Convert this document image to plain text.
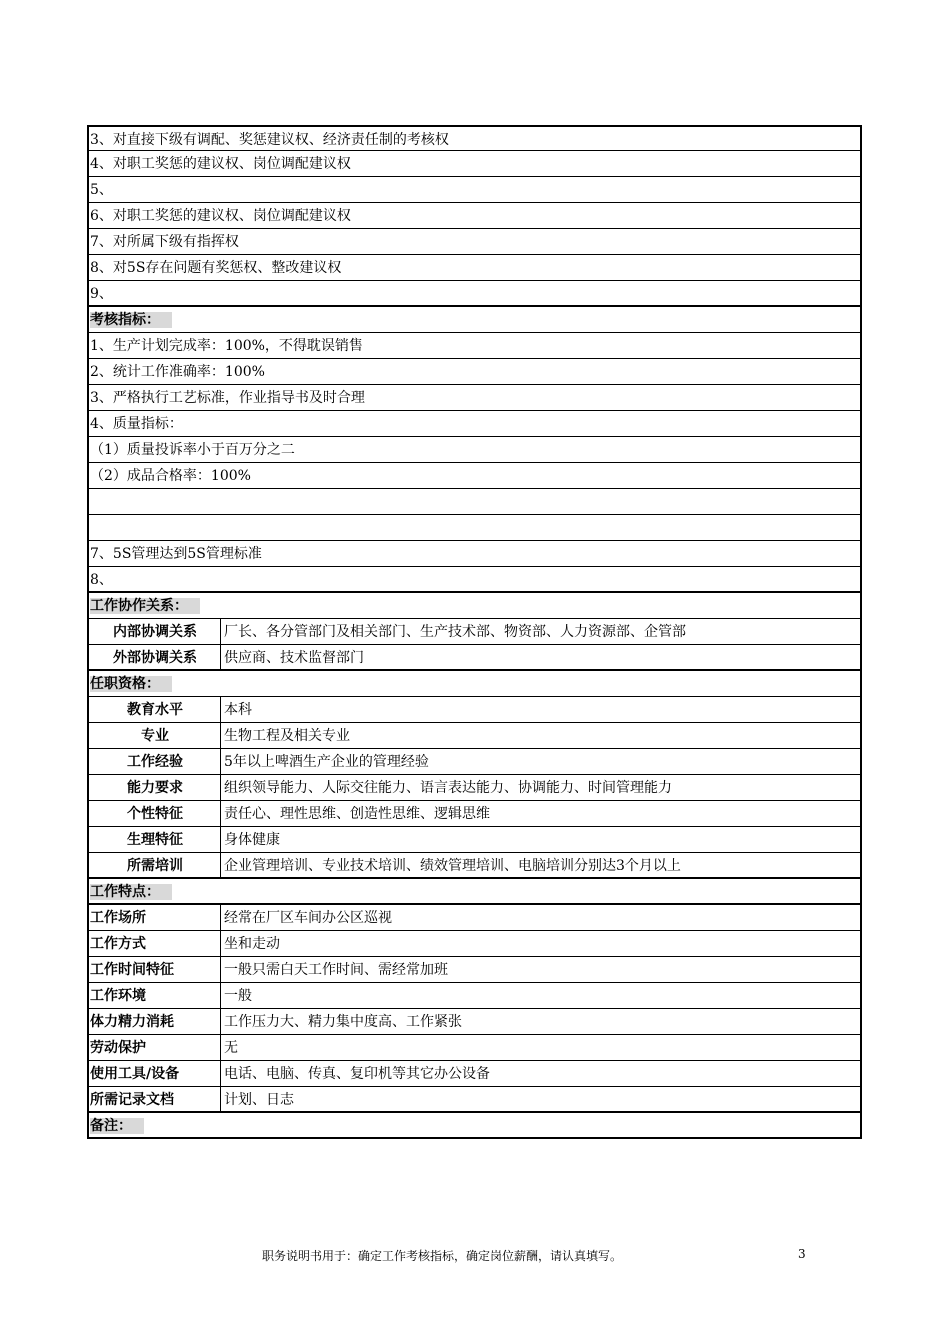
3、对直接下级有调配、奖惩建议权、经济责任制的考核权
4、对职工奖惩的建议权、岗位调配建议权
5、
6、对职工奖惩的建议权、岗位调配建议权
7、对所属下级有指挥权
8、对5S存在问题有奖惩权、整改建议权
9、
考核指标：
1、生产计划完成率：100%，不得耽误销售
2、统计工作准确率：100%
3、严格执行工艺标准，作业指导书及时合理
4、质量指标：
（1）质量投诉率小于百万分之二
（2）成品合格率：100%
7、5S管理达到5S管理标准
8、
工作协作关系：
内部协调关系	厂长、各分管部门及相关部门、生产技术部、物资部、人力资源部、企管部
外部协调关系	供应商、技术监督部门
任职资格：
教育水平	本科
专业	生物工程及相关专业
工作经验	5年以上啤酒生产企业的管理经验
能力要求	组织领导能力、人际交往能力、语言表达能力、协调能力、时间管理能力
个性特征	责任心、理性思维、创造性思维、逻辑思维
生理特征	身体健康
所需培训	企业管理培训、专业技术培训、绩效管理培训、电脑培训分别达3个月以上
工作特点：
工作场所	经常在厂区车间办公区巡视
工作方式	坐和走动
工作时间特征	一般只需白天工作时间、需经常加班
工作环境	一般
体力精力消耗	工作压力大、精力集中度高、工作紧张
劳动保护	无
使用工具/设备	电话、电脑、传真、复印机等其它办公设备
所需记录文档	计划、日志
备注：
职务说明书用于：确定工作考核指标，确定岗位薪酬，请认真填写。	3
